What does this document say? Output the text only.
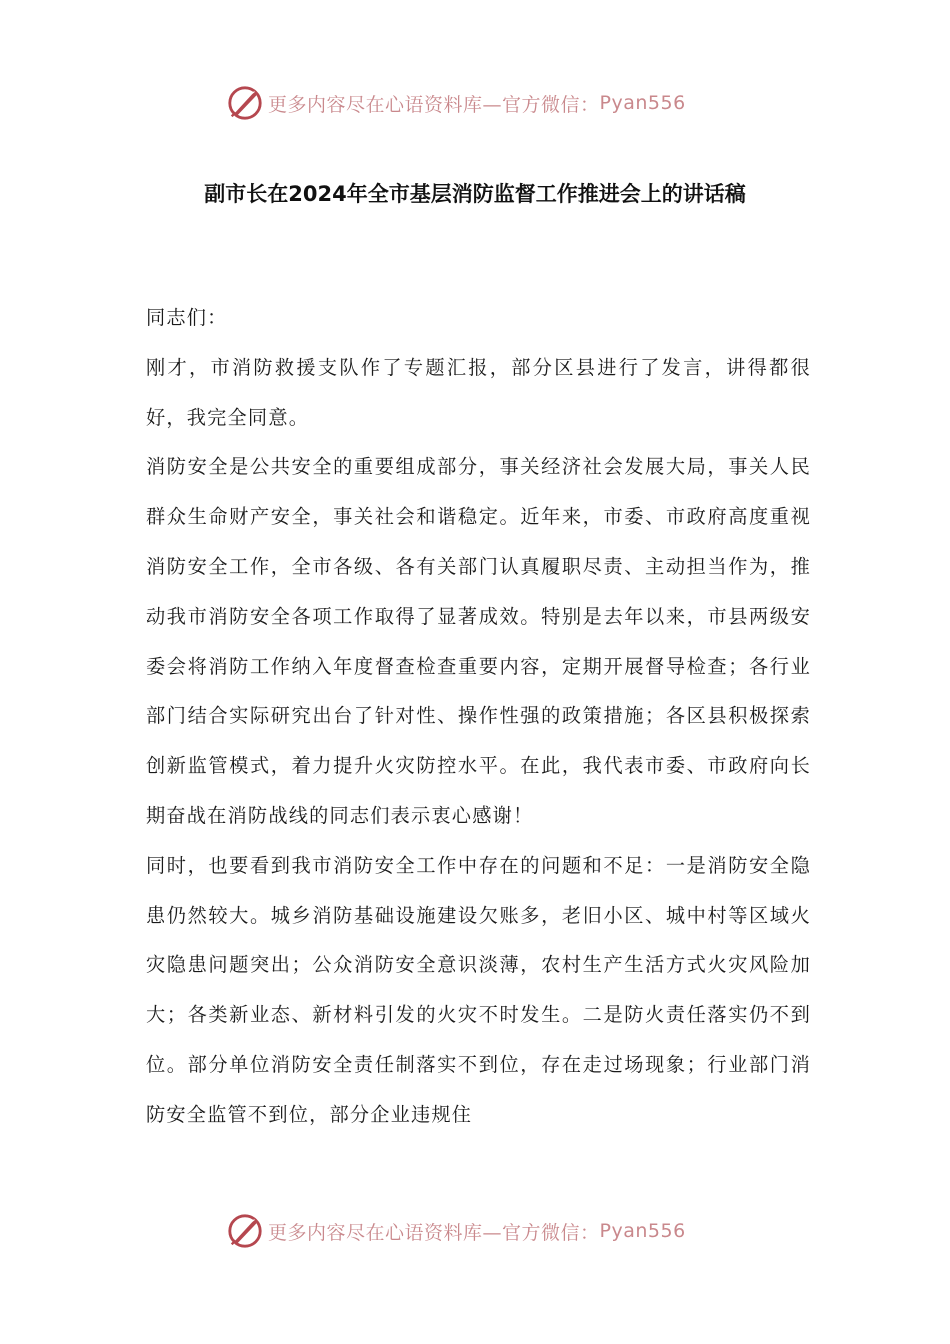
更多内容尽在心语资料库—官方微信： Pyan556
副市长在2024年全市基层消防监督工作推进会上的讲话稿

同志们：

刚才，市消防救援支队作了专题汇报，部分区县进行了发言，讲得都很好，我完全同意。

消防安全是公共安全的重要组成部分，事关经济社会发展大局，事关人民群众生命财产安全，事关社会和谐稳定。近年来，市委、市政府高度重视消防安全工作，全市各级、各有关部门认真履职尽责、主动担当作为，推动我市消防安全各项工作取得了显著成效。特别是去年以来，市县两级安委会将消防工作纳入年度督查检查重要内容，定期开展督导检查；各行业部门结合实际研究出台了针对性、操作性强的政策措施；各区县积极探索创新监管模式，着力提升火灾防控水平。在此，我代表市委、市政府向长期奋战在消防战线的同志们表示衷心感谢！

同时，也要看到我市消防安全工作中存在的问题和不足：一是消防安全隐患仍然较大。城乡消防基础设施建设欠账多，老旧小区、城中村等区域火灾隐患问题突出；公众消防安全意识淡薄，农村生产生活方式火灾风险加大；各类新业态、新材料引发的火灾不时发生。二是防火责任落实仍不到位。部分单位消防安全责任制落实不到位，存在走过场现象；行业部门消防安全监管不到位，部分企业违规住

更多内容尽在心语资料库—官方微信： Pyan556
